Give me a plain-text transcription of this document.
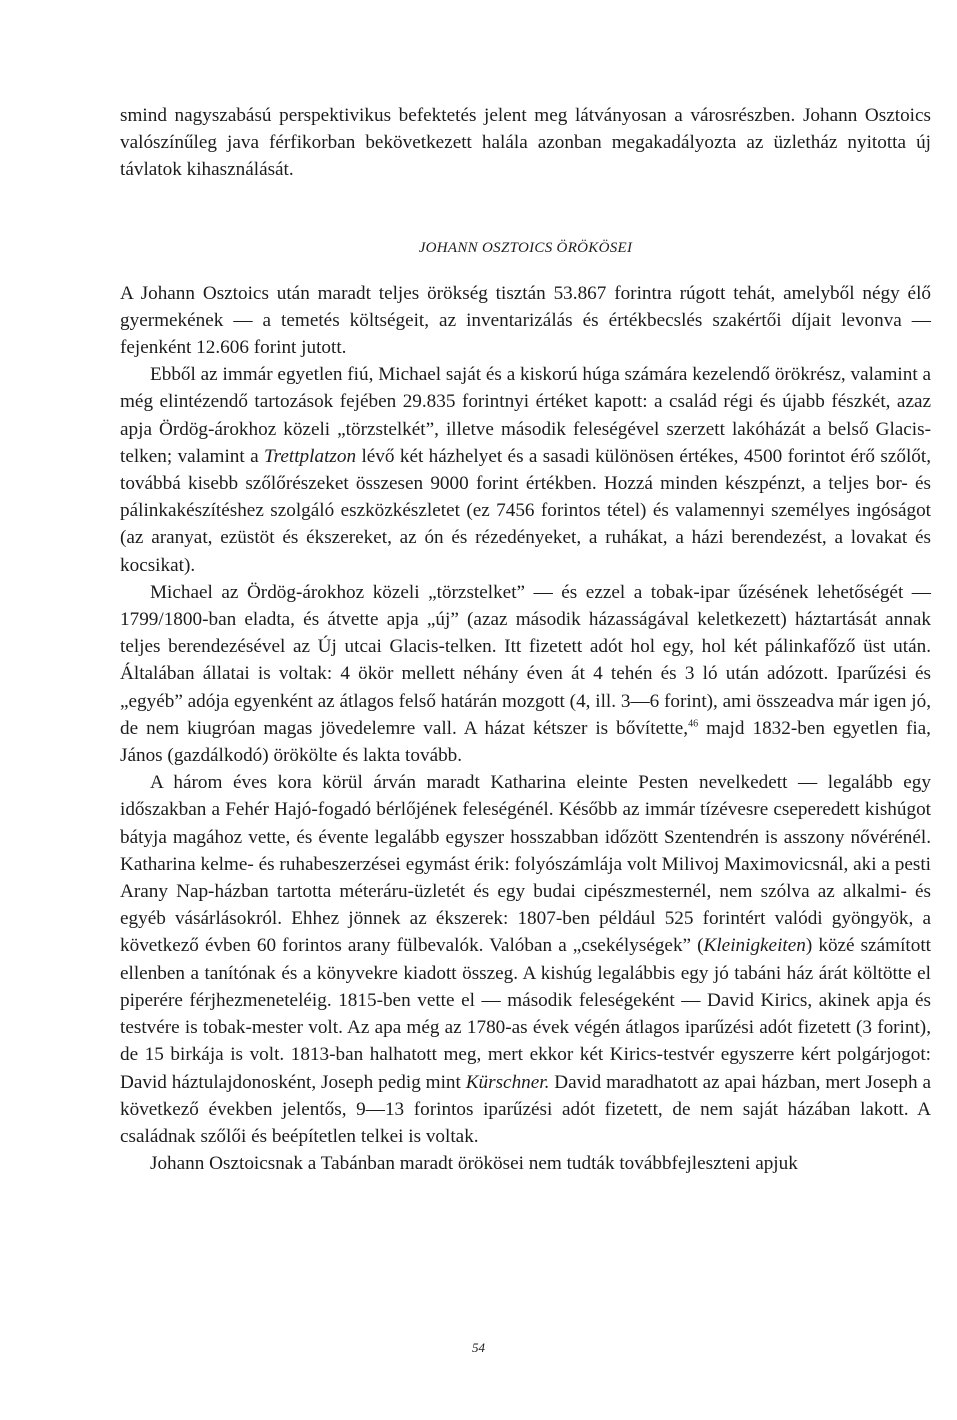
smind nagyszabású perspektivikus befektetés jelent meg látványosan a városrészben. Johann Osztoics valószínűleg java férfikorban bekövetkezett halála azonban megakadályozta az üzletház nyitotta új távlatok kihasználását.

JOHANN OSZTOICS ÖRÖKÖSEI

A Johann Osztoics után maradt teljes örökség tisztán 53.867 forintra rúgott tehát, amelyből négy élő gyermekének — a temetés költségeit, az inventarizálás és értékbecslés szakértői díjait levonva — fejenként 12.606 forint jutott.

Ebből az immár egyetlen fiú, Michael saját és a kiskorú húga számára kezelendő örökrész, valamint a még elintézendő tartozások fejében 29.835 forintnyi értéket kapott: a család régi és újabb fészkét, azaz apja Ördög-árokhoz közeli „törzstelkét”, illetve második feleségével szerzett lakóházát a belső Glacis-telken; valamint a Trettplatzon lévő két házhelyet és a sasadi különösen értékes, 4500 forintot érő szőlőt, továbbá kisebb szőlőrészeket összesen 9000 forint értékben. Hozzá minden készpénzt, a teljes bor- és pálinkakészítéshez szolgáló eszközkészletet (ez 7456 forintos tétel) és valamennyi személyes ingóságot (az aranyat, ezüstöt és ékszereket, az ón és rézedényeket, a ruhákat, a házi berendezést, a lovakat és kocsikat).

Michael az Ördög-árokhoz közeli „törzstelket” — és ezzel a tobak-ipar űzésének lehetőségét — 1799/1800-ban eladta, és átvette apja „új” (azaz második házasságával keletkezett) háztartását annak teljes berendezésével az Új utcai Glacis-telken. Itt fizetett adót hol egy, hol két pálinkafőző üst után. Általában állatai is voltak: 4 ökör mellett néhány éven át 4 tehén és 3 ló után adózott. Iparűzési és „egyéb” adója egyenként az átlagos felső határán mozgott (4, ill. 3—6 forint), ami összeadva már igen jó, de nem kiugróan magas jövedelemre vall. A házat kétszer is bővítette,$^{46}$ majd 1832-ben egyetlen fia, János (gazdálkodó) örökölte és lakta tovább.

A három éves kora körül árván maradt Katharina eleinte Pesten nevelkedett — legalább egy időszakban a Fehér Hajó-fogadó bérlőjének feleségénél. Később az immár tízévesre cseperedett kishúgot bátyja magához vette, és évente legalább egyszer hosszabban időzött Szentendrén is asszony nővérénél. Katharina kelme- és ruhabeszerzései egymást érik: folyószámlája volt Milivoj Maximovicsnál, aki a pesti Arany Nap-házban tartotta méteráru-üzletét és egy budai cipészmesternél, nem szólva az alkalmi- és egyéb vásárlásokról. Ehhez jönnek az ékszerek: 1807-ben például 525 forintért valódi gyöngyök, a következő évben 60 forintos arany fülbevalók. Valóban a „csekélységek” (Kleinigkeiten) közé számított ellenben a tanítónak és a könyvekre kiadott összeg. A kishúg legalábbis egy jó tabáni ház árát költötte el piperére férjhezmeneteléig. 1815-ben vette el — második feleségeként — David Kirics, akinek apja és testvére is tobak-mester volt. Az apa még az 1780-as évek végén átlagos iparűzési adót fizetett (3 forint), de 15 birkája is volt. 1813-ban halhatott meg, mert ekkor két Kirics-testvér egyszerre kért polgárjogot: David háztulajdonosként, Joseph pedig mint Kürschner. David maradhatott az apai házban, mert Joseph a következő években jelentős, 9—13 forintos iparűzési adót fizetett, de nem saját házában lakott. A családnak szőlői és beépítetlen telkei is voltak.

Johann Osztoicsnak a Tabánban maradt örökösei nem tudták továbbfejleszteni apjuk

54
